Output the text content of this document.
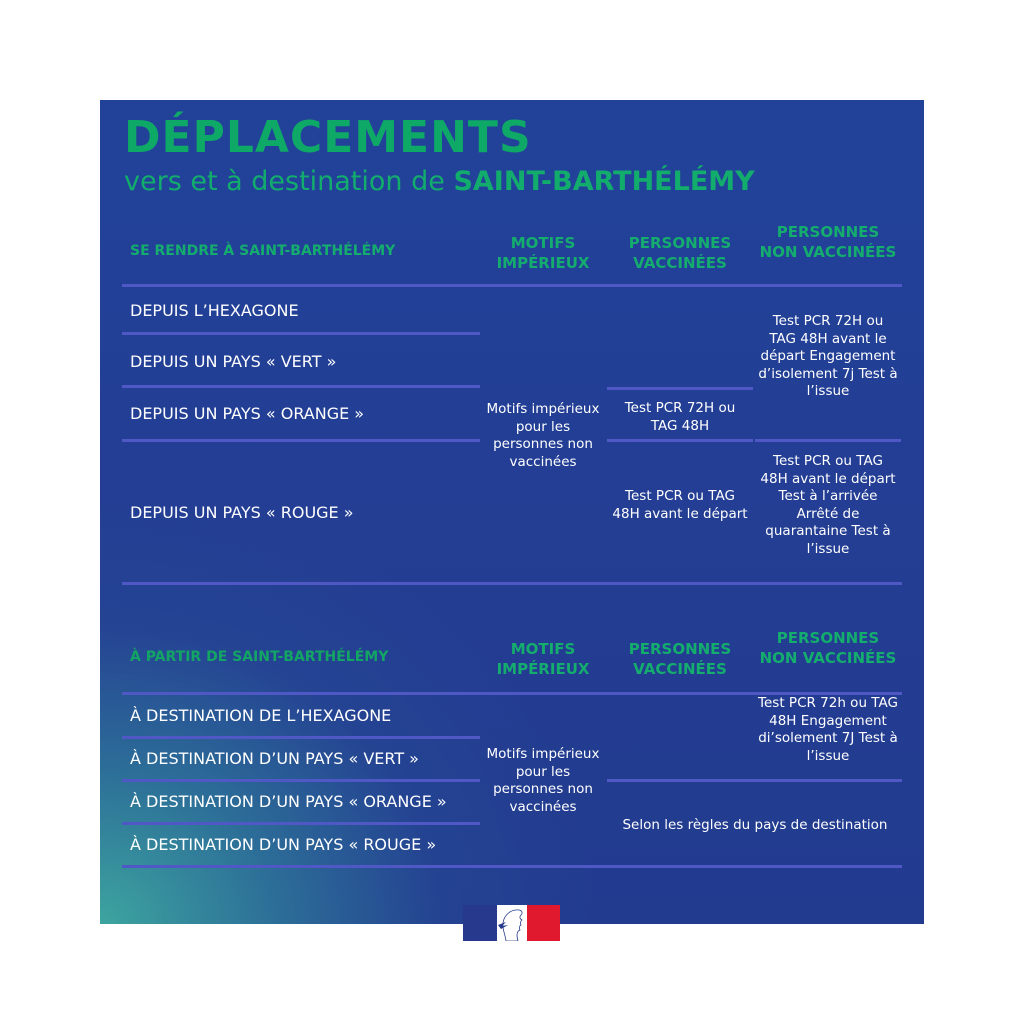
DÉPLACEMENTS

vers et à destination de SAINT-BARTHÉLÉMY

SE RENDRE À SAINT-BARTHÉLÉMY	MOTIFS IMPÉRIEUX
PERSONNES VACCINÉES
PERSONNES NON VACCINÉES
DEPUIS L’HEXAGONE
DEPUIS UN PAYS « VERT »
DEPUIS UN PAYS « ORANGE »
DEPUIS UN PAYS « ROUGE »
Motifs impérieux pour les personnes non vaccinées
Test PCR 72H ou TAG 48H
Test PCR ou TAG 48H avant le départ
Test PCR 72H ou TAG 48H avant le départ Engagement d’isolement 7j Test à l’issue
Test PCR ou TAG 48H avant le départ Test à l’arrivée Arrêté de quarantaine Test à l’issue
À PARTIR DE SAINT-BARTHÉLÉMY	MOTIFS IMPÉRIEUX
PERSONNES VACCINÉES
PERSONNES NON VACCINÉES
À DESTINATION DE L’HEXAGONE
À DESTINATION D’UN PAYS « VERT »
À DESTINATION D’UN PAYS « ORANGE »
À DESTINATION D’UN PAYS « ROUGE »
Motifs impérieux pour les personnes non vaccinées
Test PCR 72h ou TAG 48H Engagement di’solement 7J Test à l’issue
Selon les règles du pays de destination
